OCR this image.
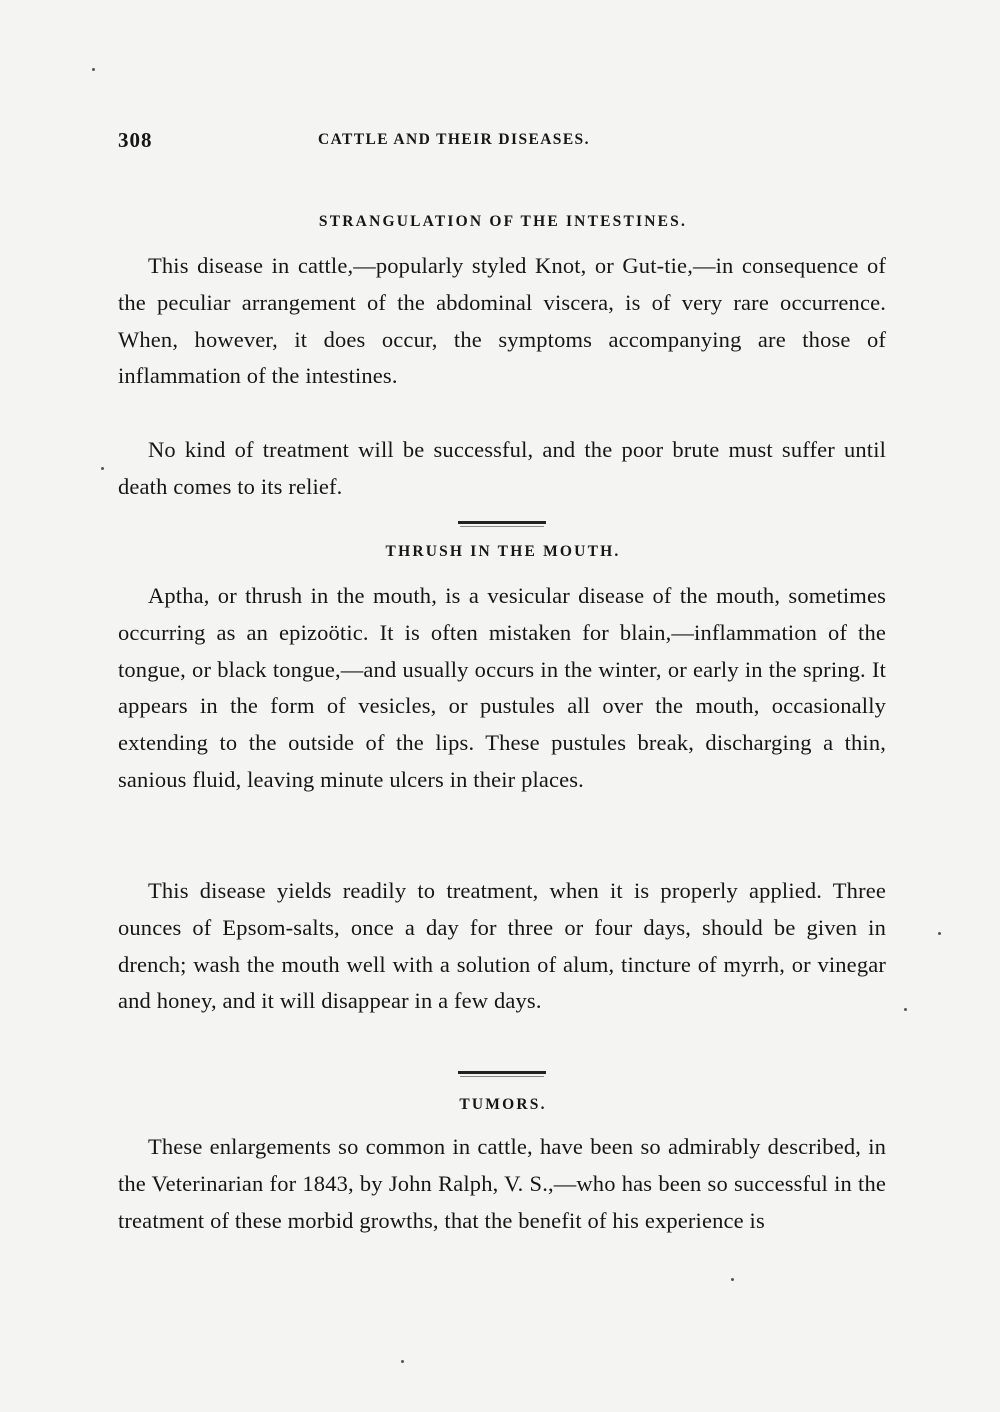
308	CATTLE AND THEIR DISEASES.
STRANGULATION OF THE INTESTINES.

This disease in cattle,—popularly styled Knot, or Gut-tie,—in consequence of the peculiar arrangement of the abdominal viscera, is of very rare occurrence. When, however, it does occur, the symptoms accompanying are those of inflammation of the intestines.

No kind of treatment will be successful, and the poor brute must suffer until death comes to its relief.

THRUSH IN THE MOUTH.

Aptha, or thrush in the mouth, is a vesicular disease of the mouth, sometimes occurring as an epizoötic. It is often mistaken for blain,—inflammation of the tongue, or black tongue,—and usually occurs in the winter, or early in the spring. It appears in the form of vesicles, or pustules all over the mouth, occasionally extending to the outside of the lips. These pustules break, discharging a thin, sanious fluid, leaving minute ulcers in their places.

This disease yields readily to treatment, when it is properly applied. Three ounces of Epsom-salts, once a day for three or four days, should be given in drench; wash the mouth well with a solution of alum, tincture of myrrh, or vinegar and honey, and it will disappear in a few days.

TUMORS.

These enlargements so common in cattle, have been so admirably described, in the Veterinarian for 1843, by John Ralph, V. S.,—who has been so successful in the treatment of these morbid growths, that the benefit of his experience is
